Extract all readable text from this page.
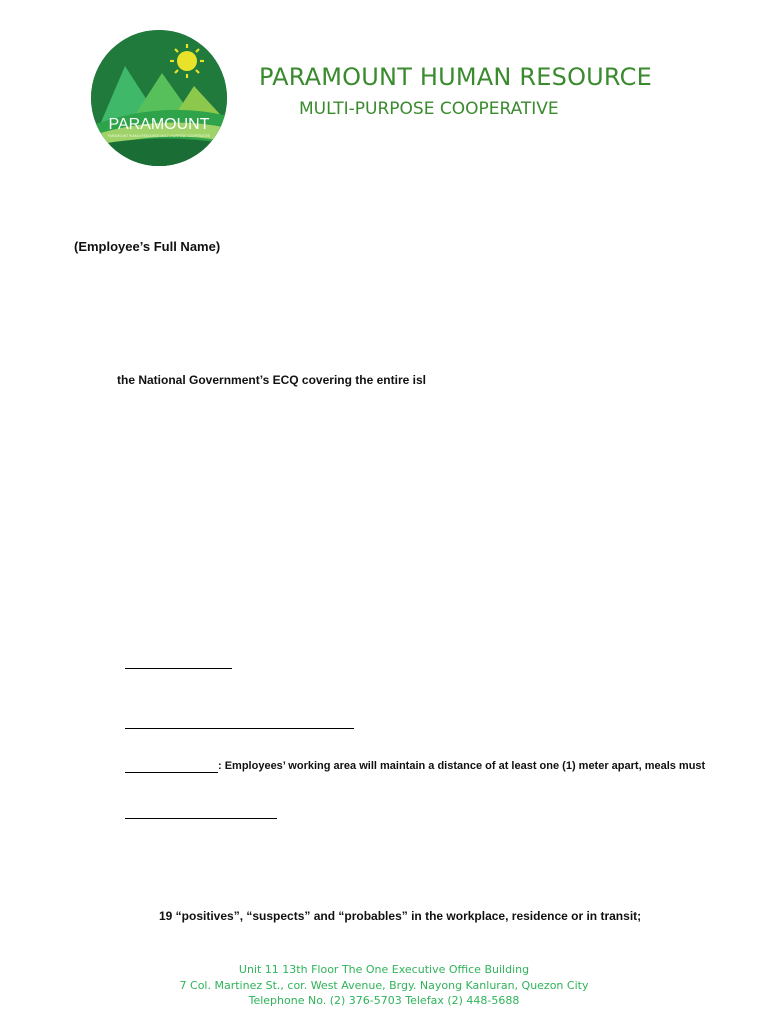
PARAMOUNT
PARAMOUNT HUMAN RESOURCE MULTI-PURPOSE COOPERATIVE
PARAMOUNT HUMAN RESOURCE
MULTI-PURPOSE COOPERATIVE
(Employee’s Full Name)
the National Government’s ECQ covering the entire isl
: Employees’ working area will maintain a distance of at least one (1) meter apart, meals must
19 “positives”, “suspects” and “probables” in the workplace, residence or in transit;
Unit 11 13th Floor The One Executive Office Building
7 Col. Martinez St., cor. West Avenue, Brgy. Nayong Kanluran, Quezon City
Telephone No. (2) 376-5703 Telefax (2) 448-5688
